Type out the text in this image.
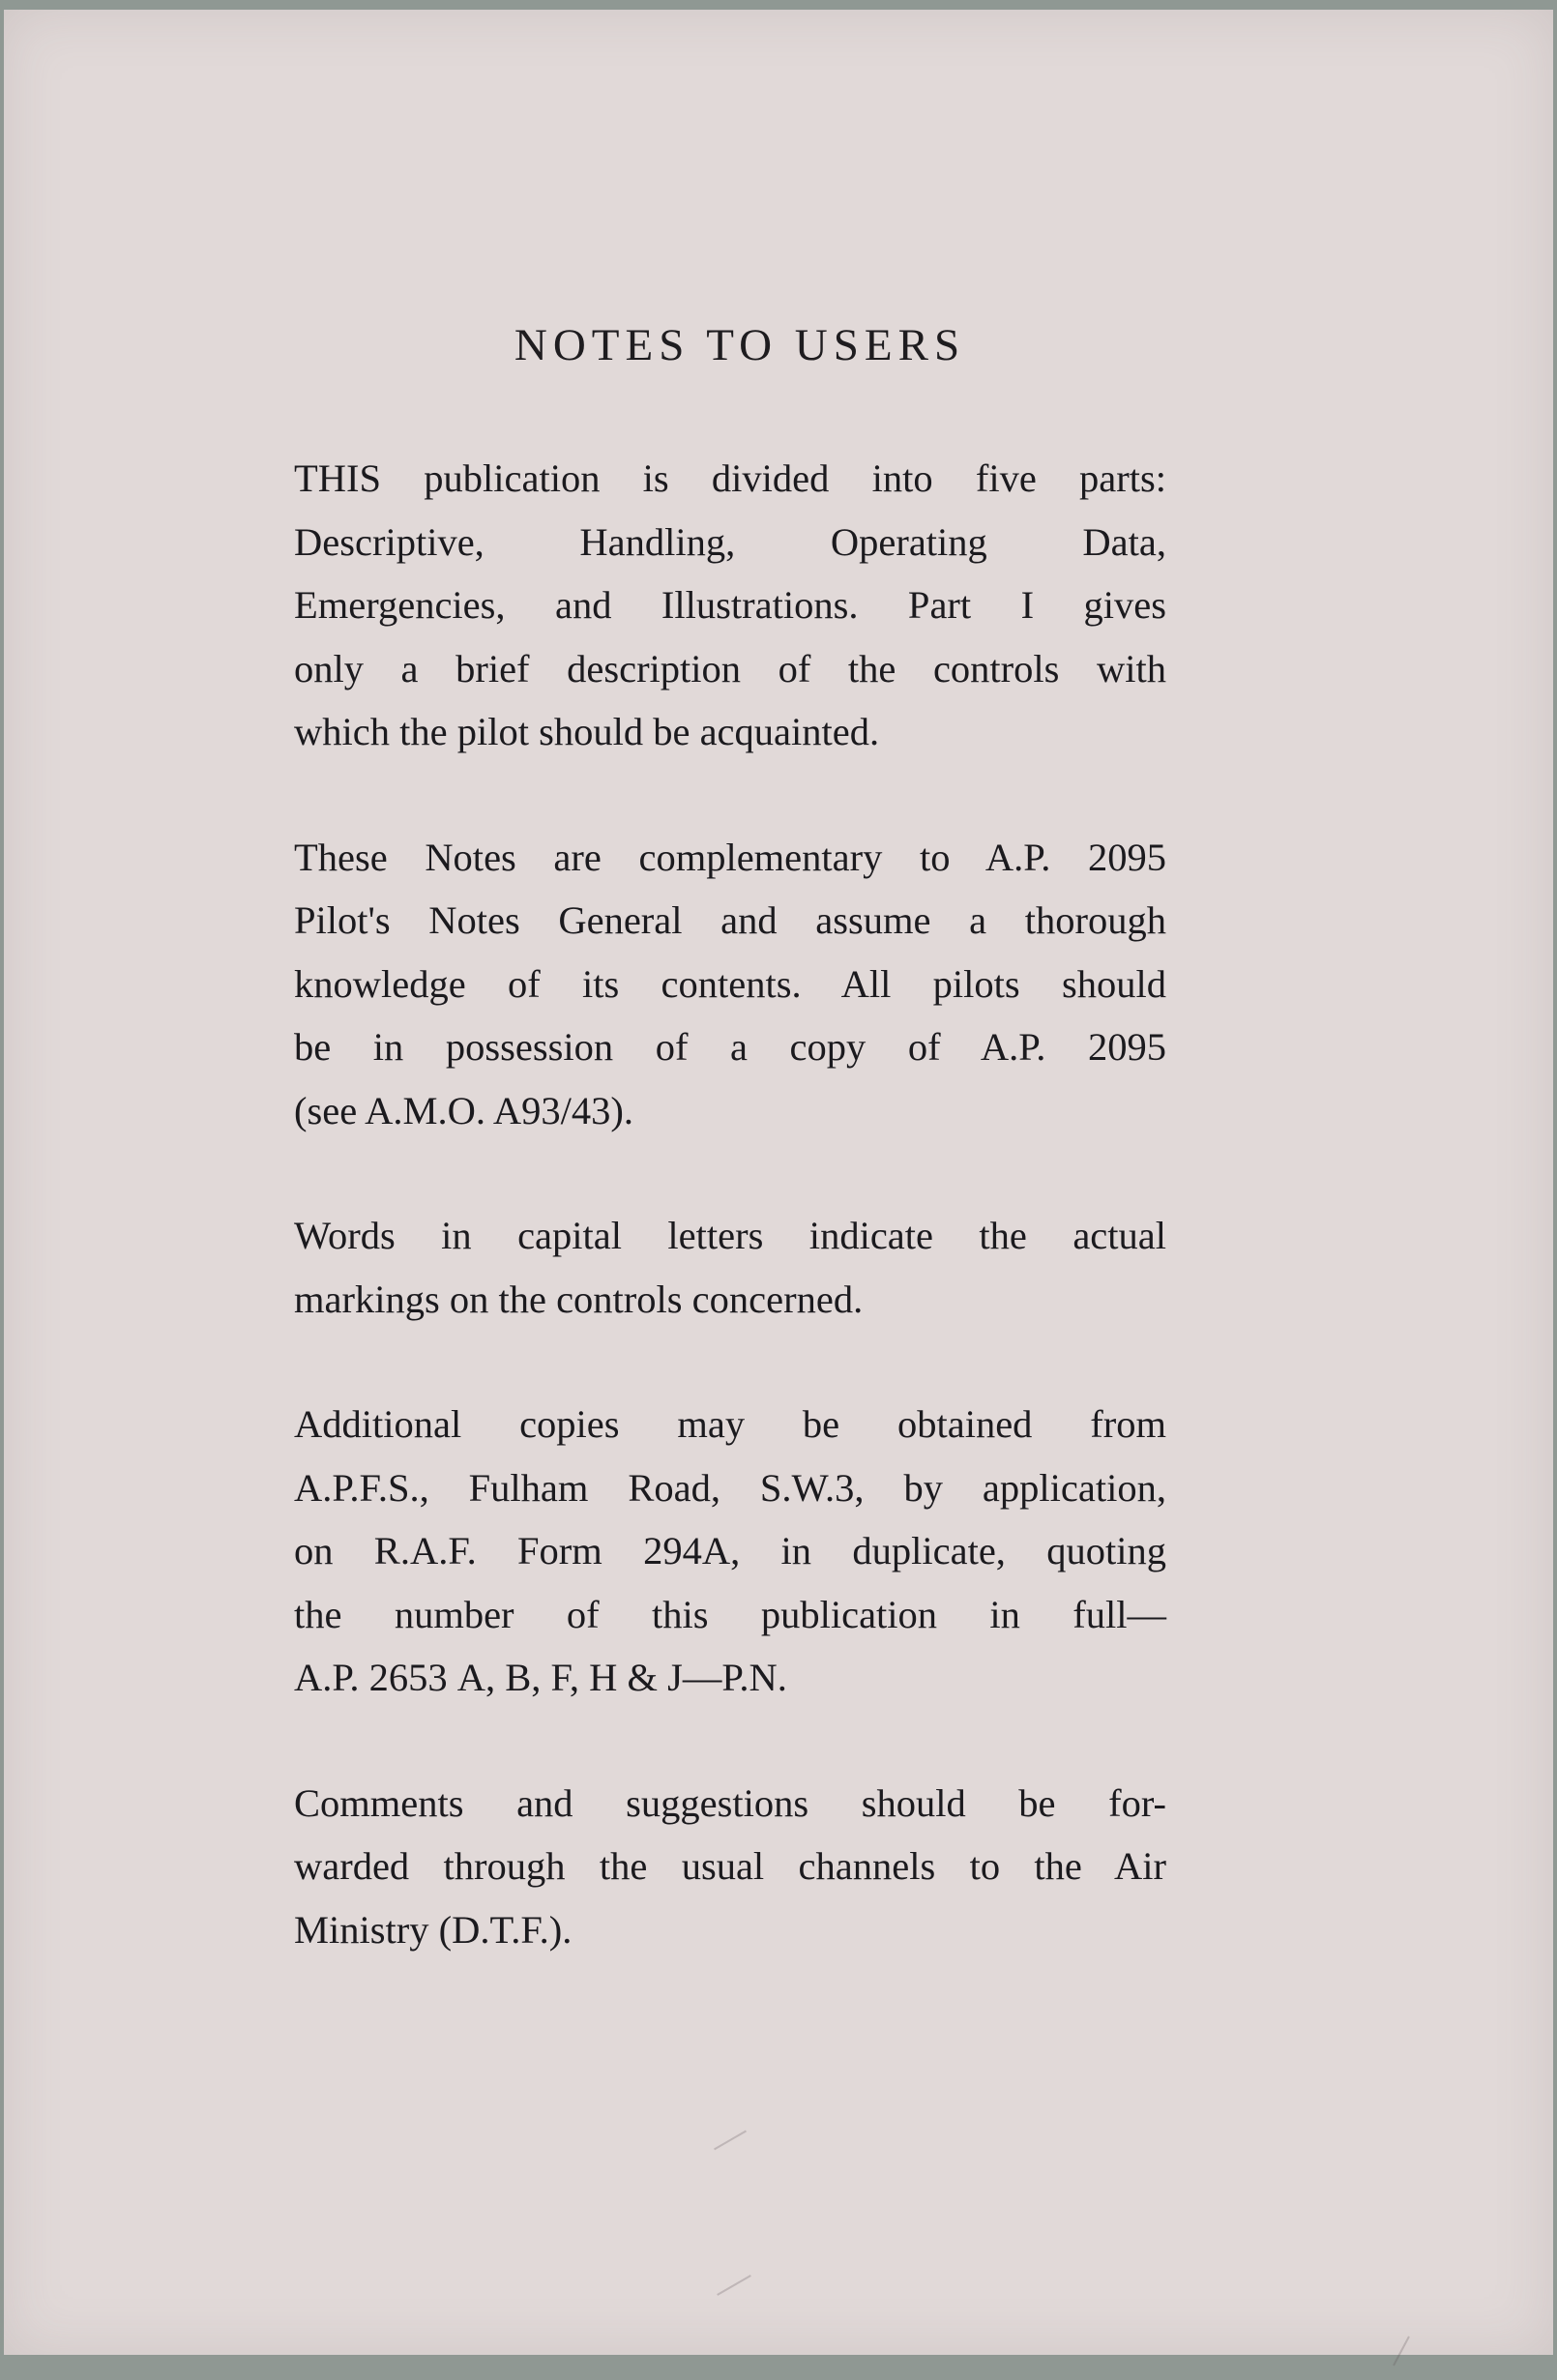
NOTES TO USERS

THIS publication is divided into five parts:
Descriptive, Handling, Operating Data,
Emergencies, and Illustrations. Part I gives
only a brief description of the controls with
which the pilot should be acquainted.

These Notes are complementary to A.P. 2095
Pilot's Notes General and assume a thorough
knowledge of its contents. All pilots should
be in possession of a copy of A.P. 2095
(see A.M.O. A93/43).

Words in capital letters indicate the actual
markings on the controls concerned.

Additional copies may be obtained from
A.P.F.S., Fulham Road, S.W.3, by application,
on R.A.F. Form 294A, in duplicate, quoting
the number of this publication in full—
A.P. 2653 A, B, F, H & J—P.N.

Comments and suggestions should be for-
warded through the usual channels to the Air
Ministry (D.T.F.).
